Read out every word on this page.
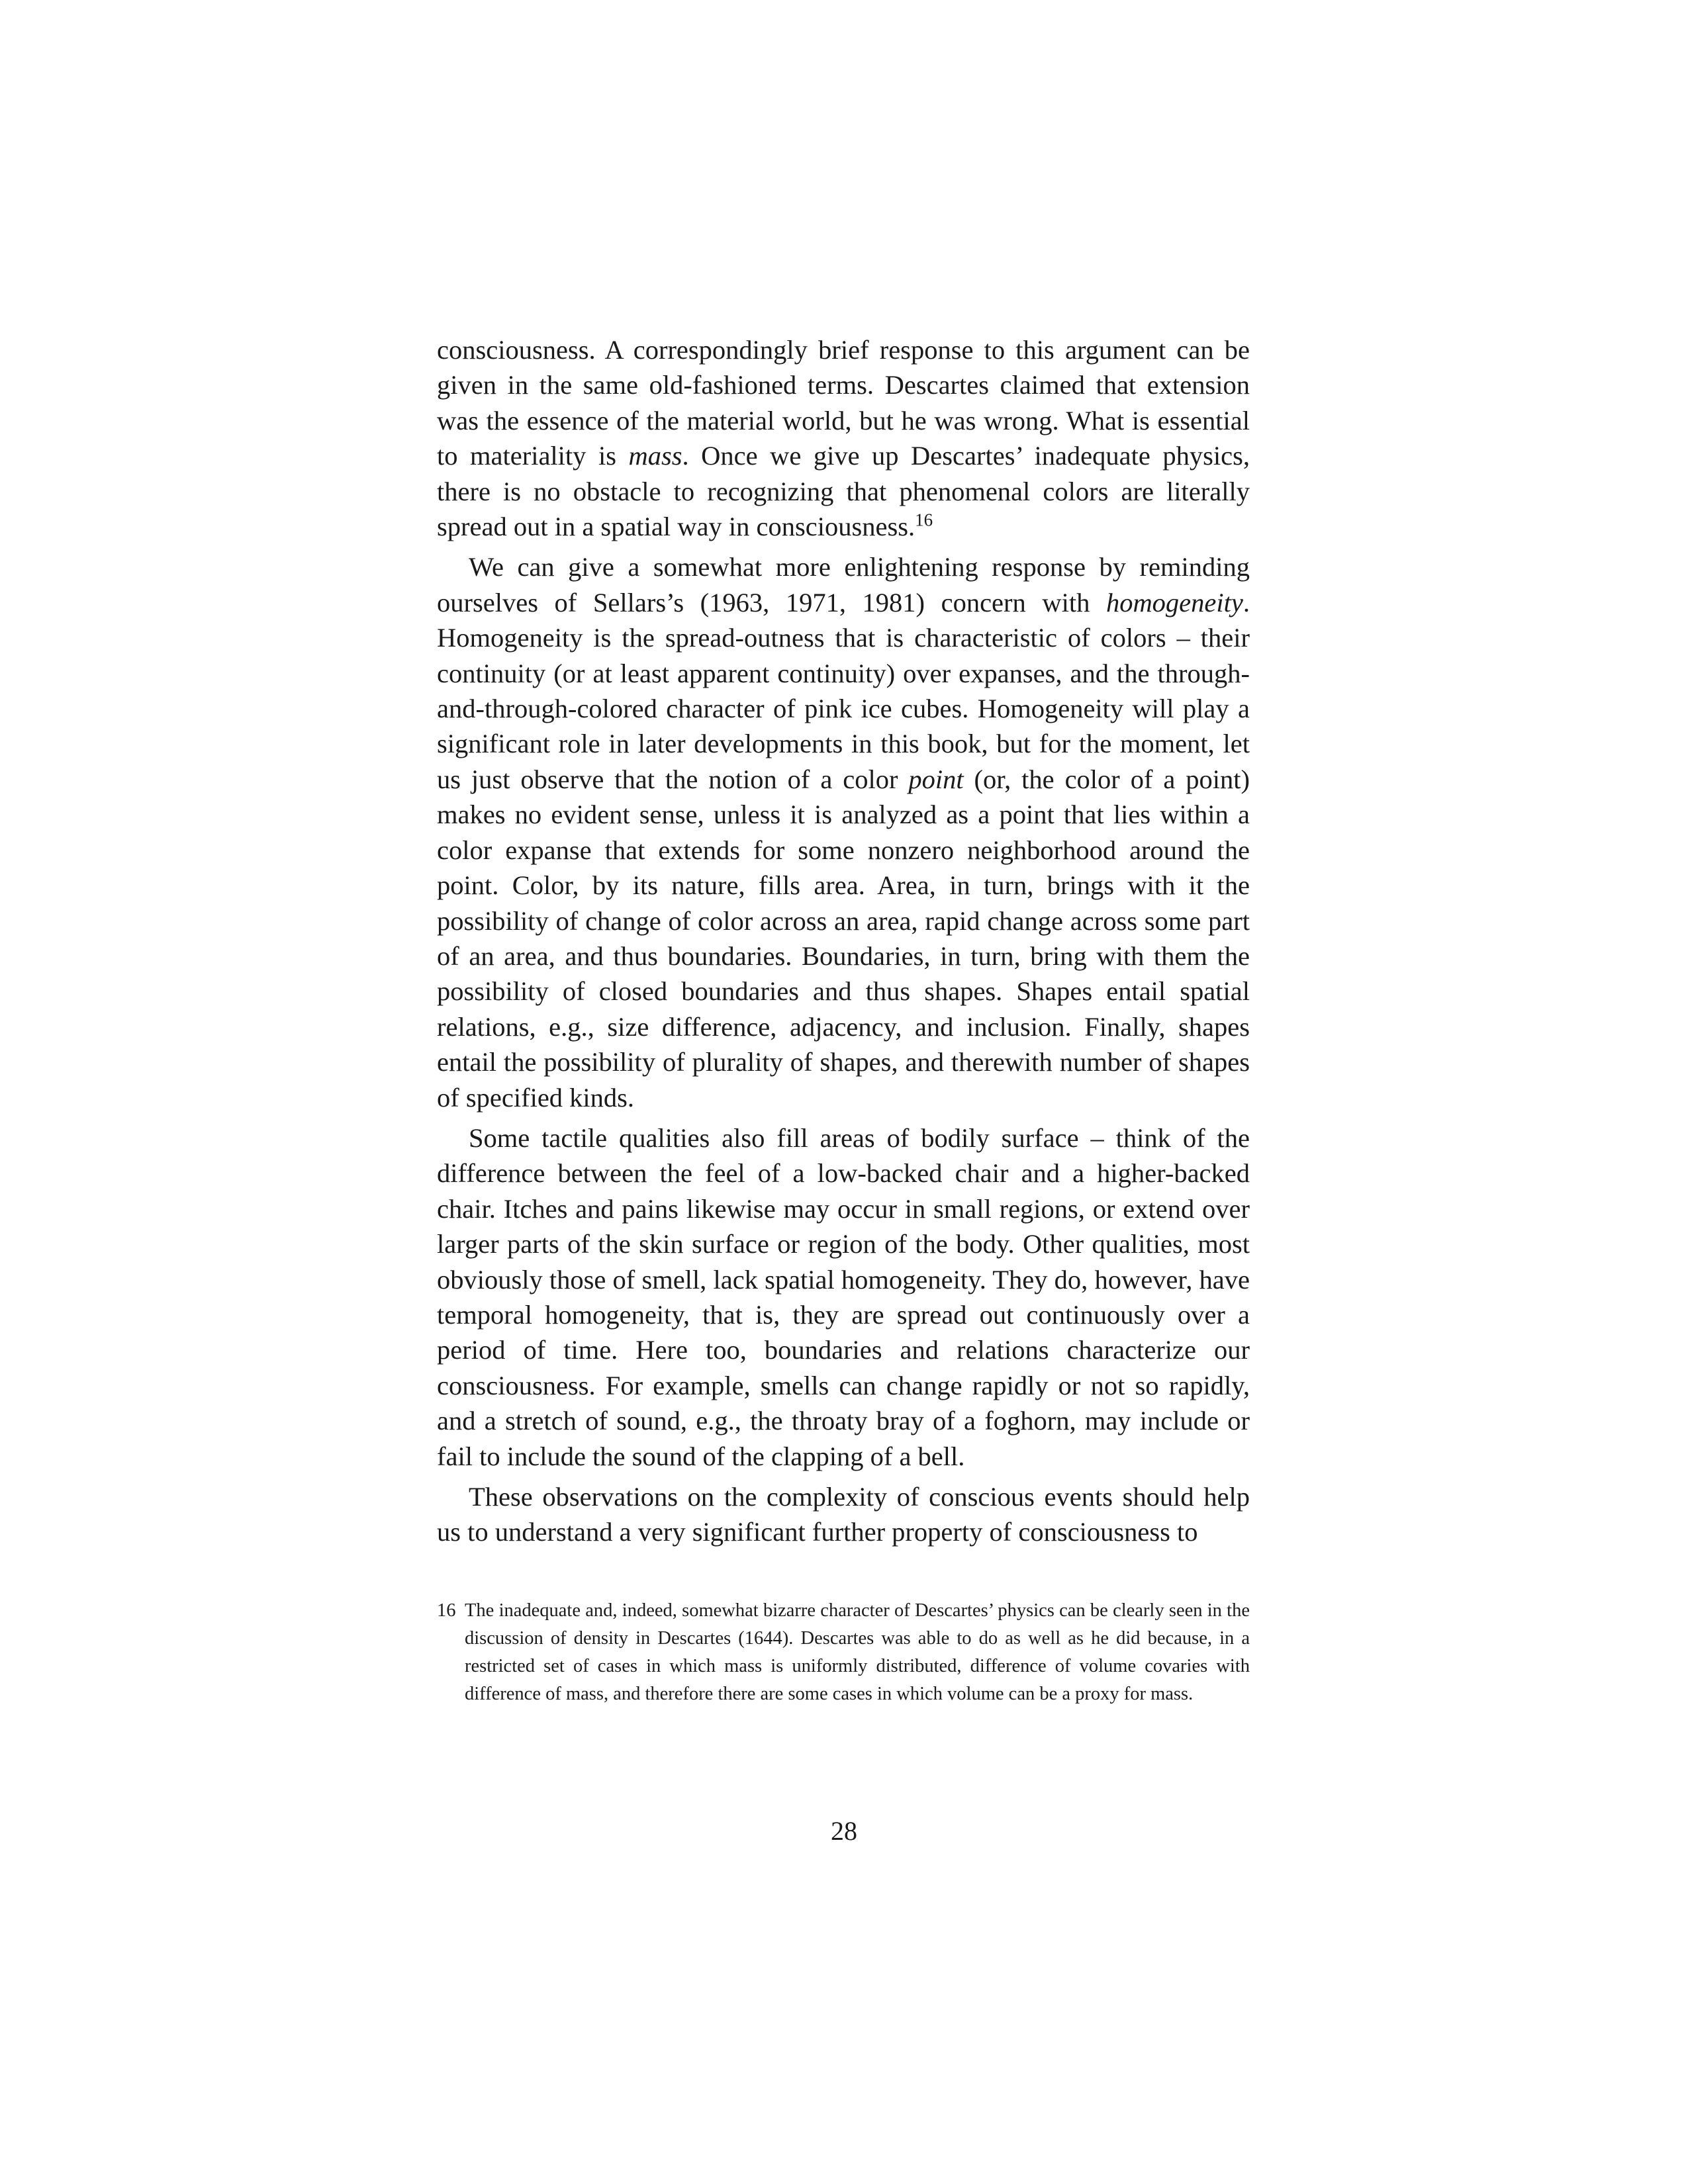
consciousness. A correspondingly brief response to this argument can be given in the same old-fashioned terms. Descartes claimed that extension was the essence of the material world, but he was wrong. What is essential to materiality is mass. Once we give up Descartes’ inadequate physics, there is no obstacle to recognizing that phenomenal colors are literally spread out in a spatial way in consciousness.$^{16}$

We can give a somewhat more enlightening response by reminding ourselves of Sellars’s (1963, 1971, 1981) concern with homogeneity. Homogeneity is the spread-outness that is characteristic of colors – their continuity (or at least apparent continuity) over expanses, and the through-and-through-colored character of pink ice cubes. Homogeneity will play a significant role in later developments in this book, but for the moment, let us just observe that the notion of a color point (or, the color of a point) makes no evident sense, unless it is analyzed as a point that lies within a color expanse that extends for some nonzero neighborhood around the point. Color, by its nature, fills area. Area, in turn, brings with it the possibility of change of color across an area, rapid change across some part of an area, and thus boundaries. Boundaries, in turn, bring with them the possibility of closed boundaries and thus shapes. Shapes entail spatial relations, e.g., size difference, adjacency, and inclusion. Finally, shapes entail the possibility of plurality of shapes, and therewith number of shapes of specified kinds.

Some tactile qualities also fill areas of bodily surface – think of the difference between the feel of a low-backed chair and a higher-backed chair. Itches and pains likewise may occur in small regions, or extend over larger parts of the skin surface or region of the body. Other qualities, most obviously those of smell, lack spatial homogeneity. They do, however, have temporal homogeneity, that is, they are spread out continuously over a period of time. Here too, boundaries and relations characterize our consciousness. For example, smells can change rapidly or not so rapidly, and a stretch of sound, e.g., the throaty bray of a foghorn, may include or fail to include the sound of the clapping of a bell.

These observations on the complexity of conscious events should help us to understand a very significant further property of consciousness to

16 The inadequate and, indeed, somewhat bizarre character of Descartes’ physics can be clearly seen in the discussion of density in Descartes (1644). Descartes was able to do as well as he did because, in a restricted set of cases in which mass is uniformly distributed, difference of volume covaries with difference of mass, and therefore there are some cases in which volume can be a proxy for mass.
28
